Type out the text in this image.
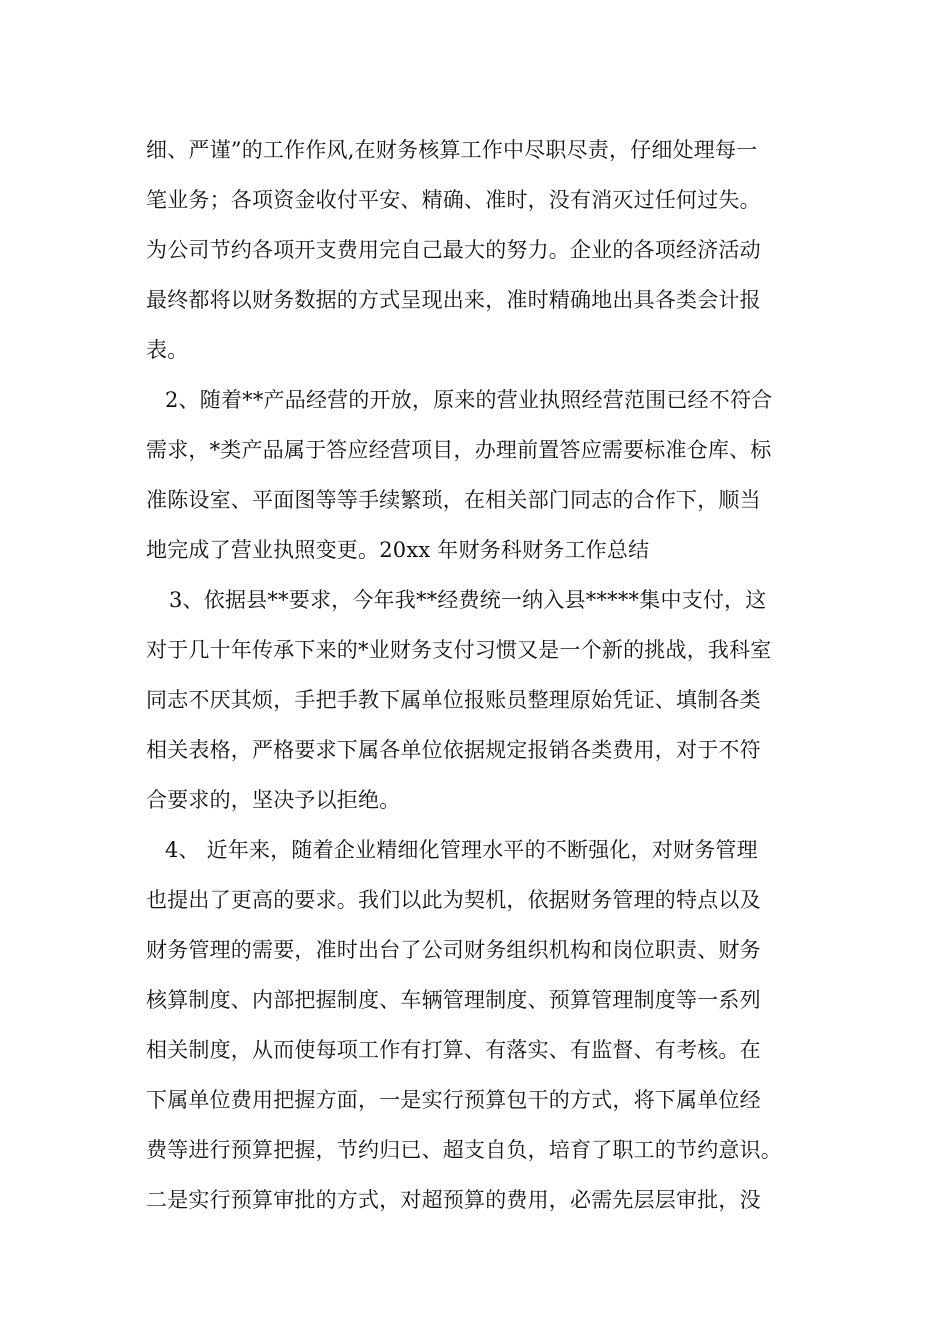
细、严谨”的工作作风,在财务核算工作中尽职尽责，仔细处理每一

笔业务；各项资金收付平安、精确、准时，没有消灭过任何过失。

为公司节约各项开支费用完自己最大的努力。企业的各项经济活动

最终都将以财务数据的方式呈现出来，准时精确地出具各类会计报

表。

2、随着**产品经营的开放，原来的营业执照经营范围已经不符合

需求，*类产品属于答应经营项目，办理前置答应需要标准仓库、标

准陈设室、平面图等等手续繁琐，在相关部门同志的合作下，顺当

地完成了营业执照变更。20xx 年财务科财务工作总结

3、依据县**要求，今年我**经费统一纳入县*****集中支付，这

对于几十年传承下来的*业财务支付习惯又是一个新的挑战，我科室

同志不厌其烦，手把手教下属单位报账员整理原始凭证、填制各类

相关表格，严格要求下属各单位依据规定报销各类费用，对于不符

合要求的，坚决予以拒绝。

4、 近年来，随着企业精细化管理水平的不断强化，对财务管理

也提出了更高的要求。我们以此为契机，依据财务管理的特点以及

财务管理的需要，准时出台了公司财务组织机构和岗位职责、财务

核算制度、内部把握制度、车辆管理制度、预算管理制度等一系列

相关制度，从而使每项工作有打算、有落实、有监督、有考核。在

下属单位费用把握方面，一是实行预算包干的方式，将下属单位经

费等进行预算把握，节约归已、超支自负，培育了职工的节约意识。

二是实行预算审批的方式，对超预算的费用，必需先层层审批，没
